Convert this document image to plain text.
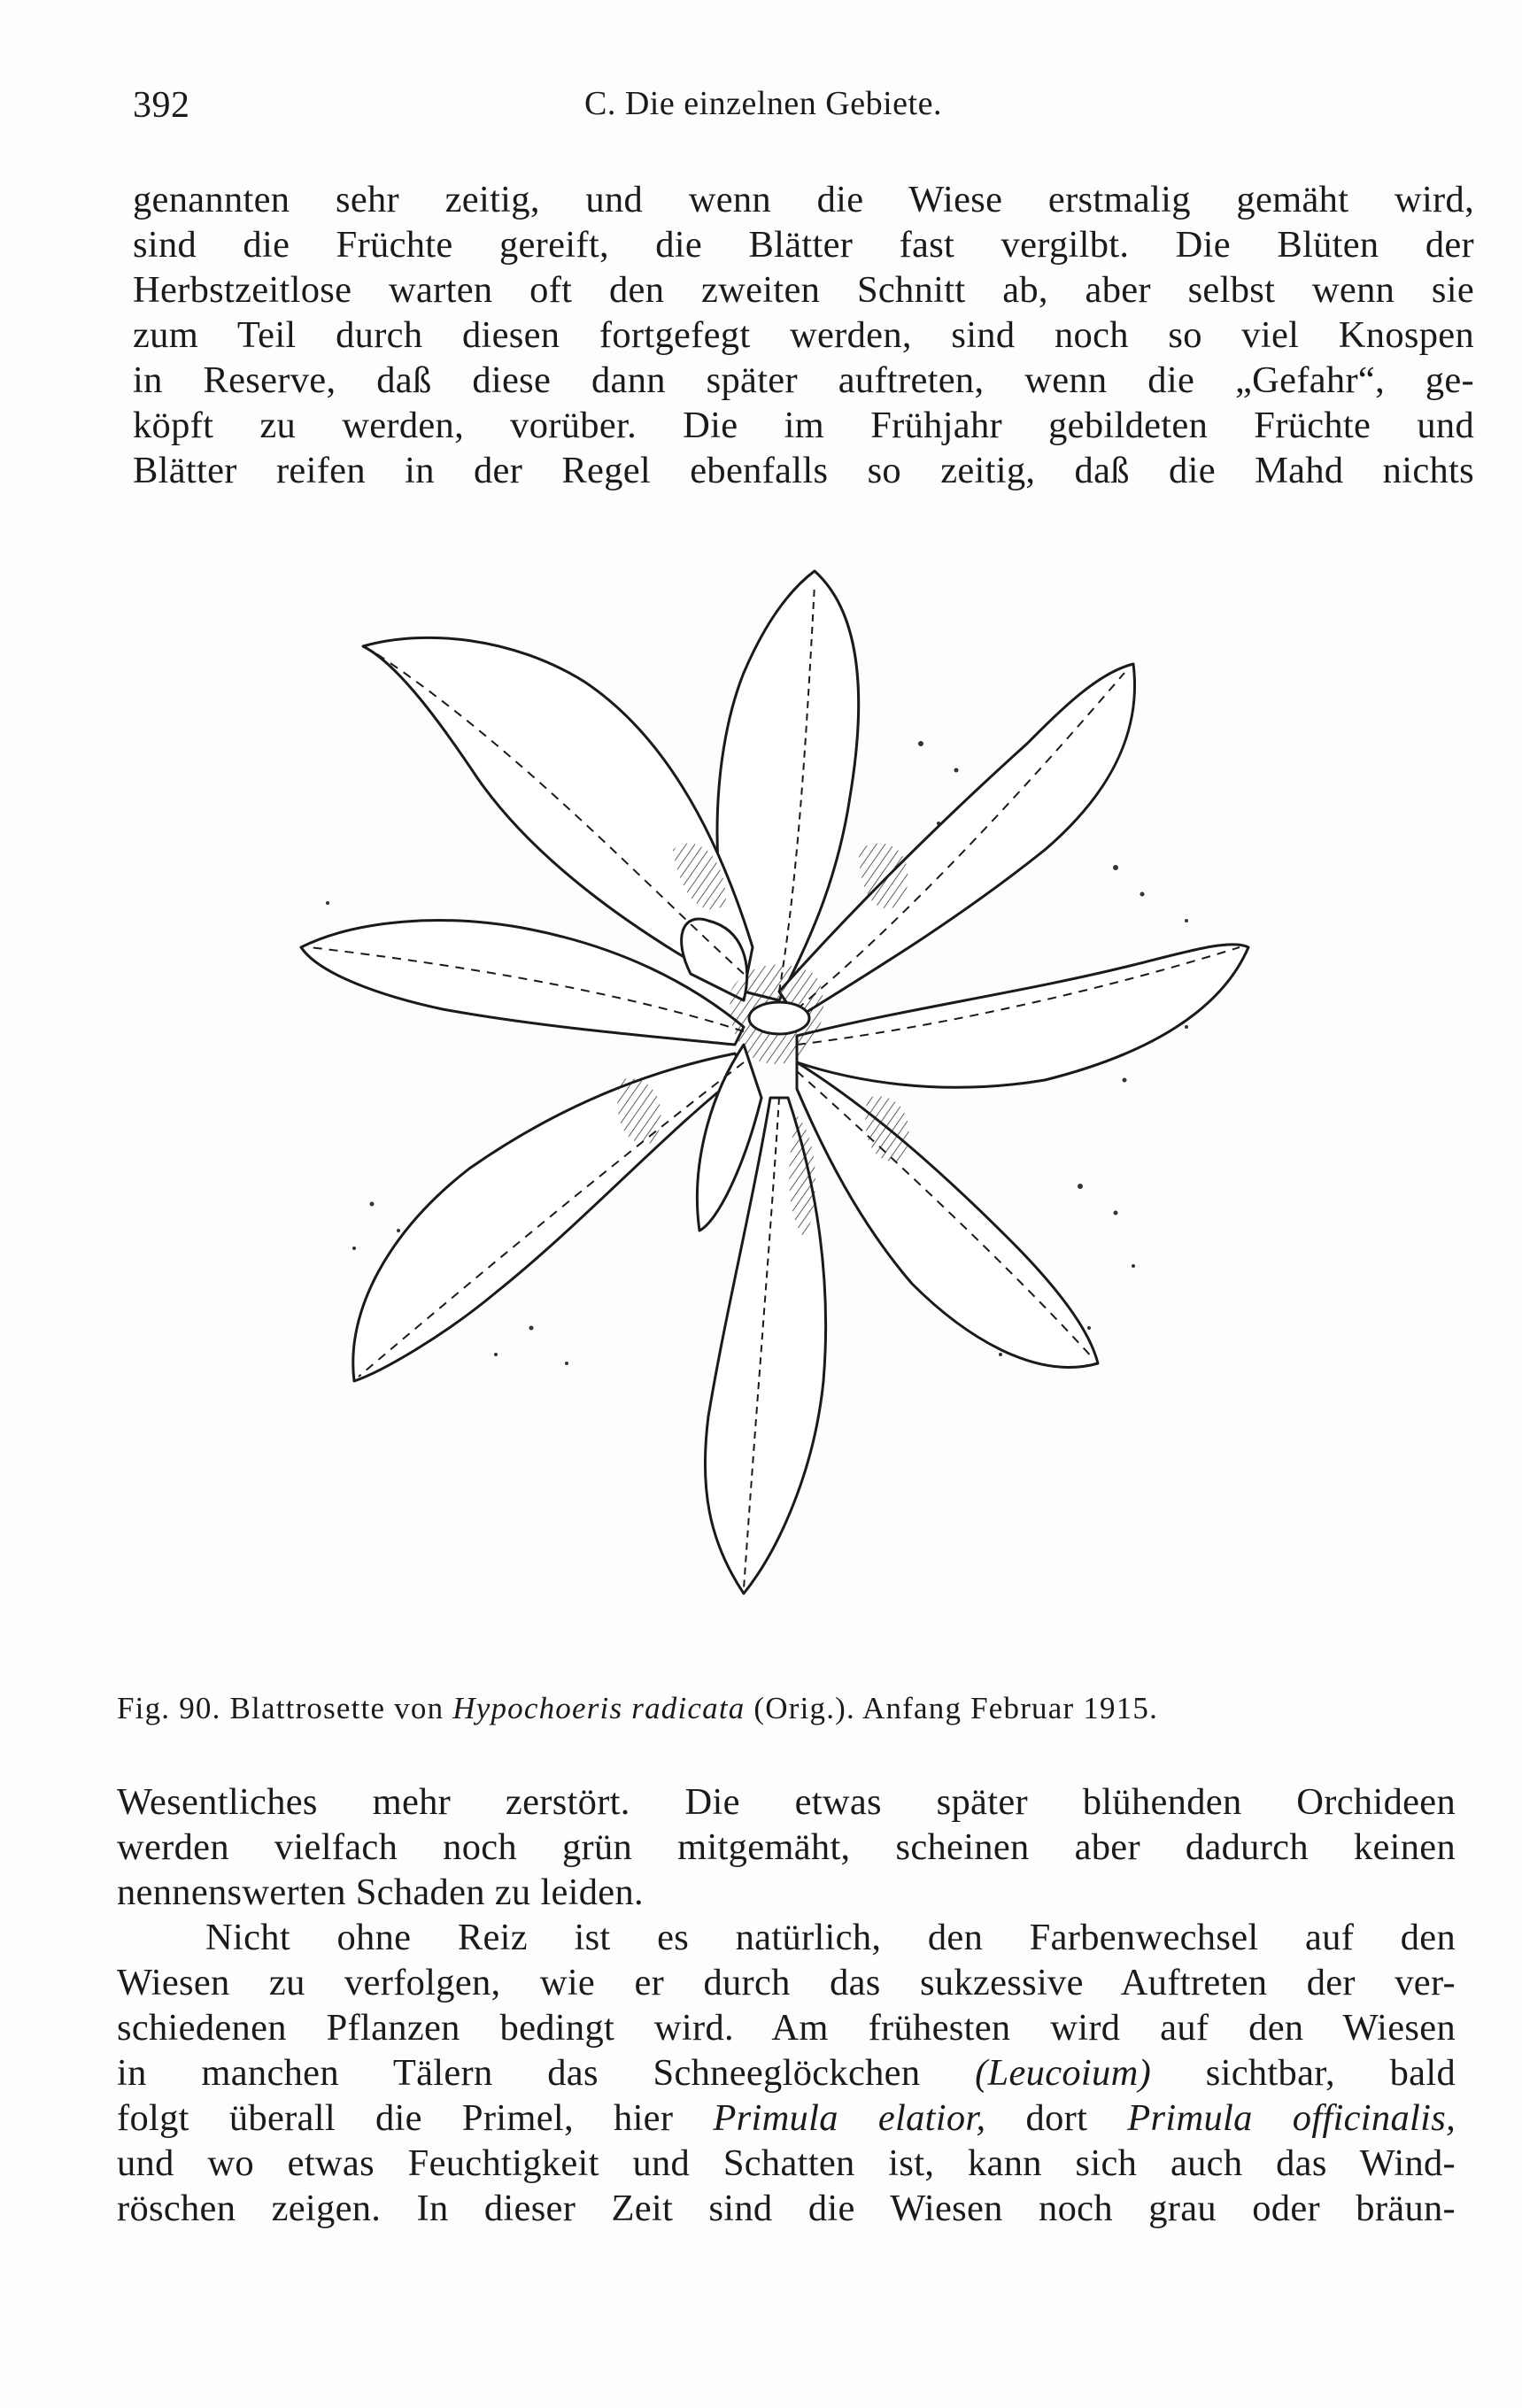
392	C. Die einzelnen Gebiete.
genannten sehr zeitig, und wenn die Wiese erstmalig gemäht wird,
sind die Früchte gereift, die Blätter fast vergilbt. Die Blüten der
Herbstzeitlose warten oft den zweiten Schnitt ab, aber selbst wenn sie
zum Teil durch diesen fortgefegt werden, sind noch so viel Knospen
in Reserve, daß diese dann später auftreten, wenn die „Gefahr“, ge-
köpft zu werden, vorüber. Die im Frühjahr gebildeten Früchte und
Blätter reifen in der Regel ebenfalls so zeitig, daß die Mahd nichts
Fig. 90. Blattrosette von Hypochoeris radicata (Orig.). Anfang Februar 1915.
Wesentliches mehr zerstört. Die etwas später blühenden Orchideen
werden vielfach noch grün mitgemäht, scheinen aber dadurch keinen
nennenswerten Schaden zu leiden.
Nicht ohne Reiz ist es natürlich, den Farbenwechsel auf den
Wiesen zu verfolgen, wie er durch das sukzessive Auftreten der ver-
schiedenen Pflanzen bedingt wird. Am frühesten wird auf den Wiesen
in manchen Tälern das Schneeglöckchen (Leucoium) sichtbar, bald
folgt überall die Primel, hier Primula elatior, dort Primula officinalis,
und wo etwas Feuchtigkeit und Schatten ist, kann sich auch das Wind-
röschen zeigen. In dieser Zeit sind die Wiesen noch grau oder bräun-
